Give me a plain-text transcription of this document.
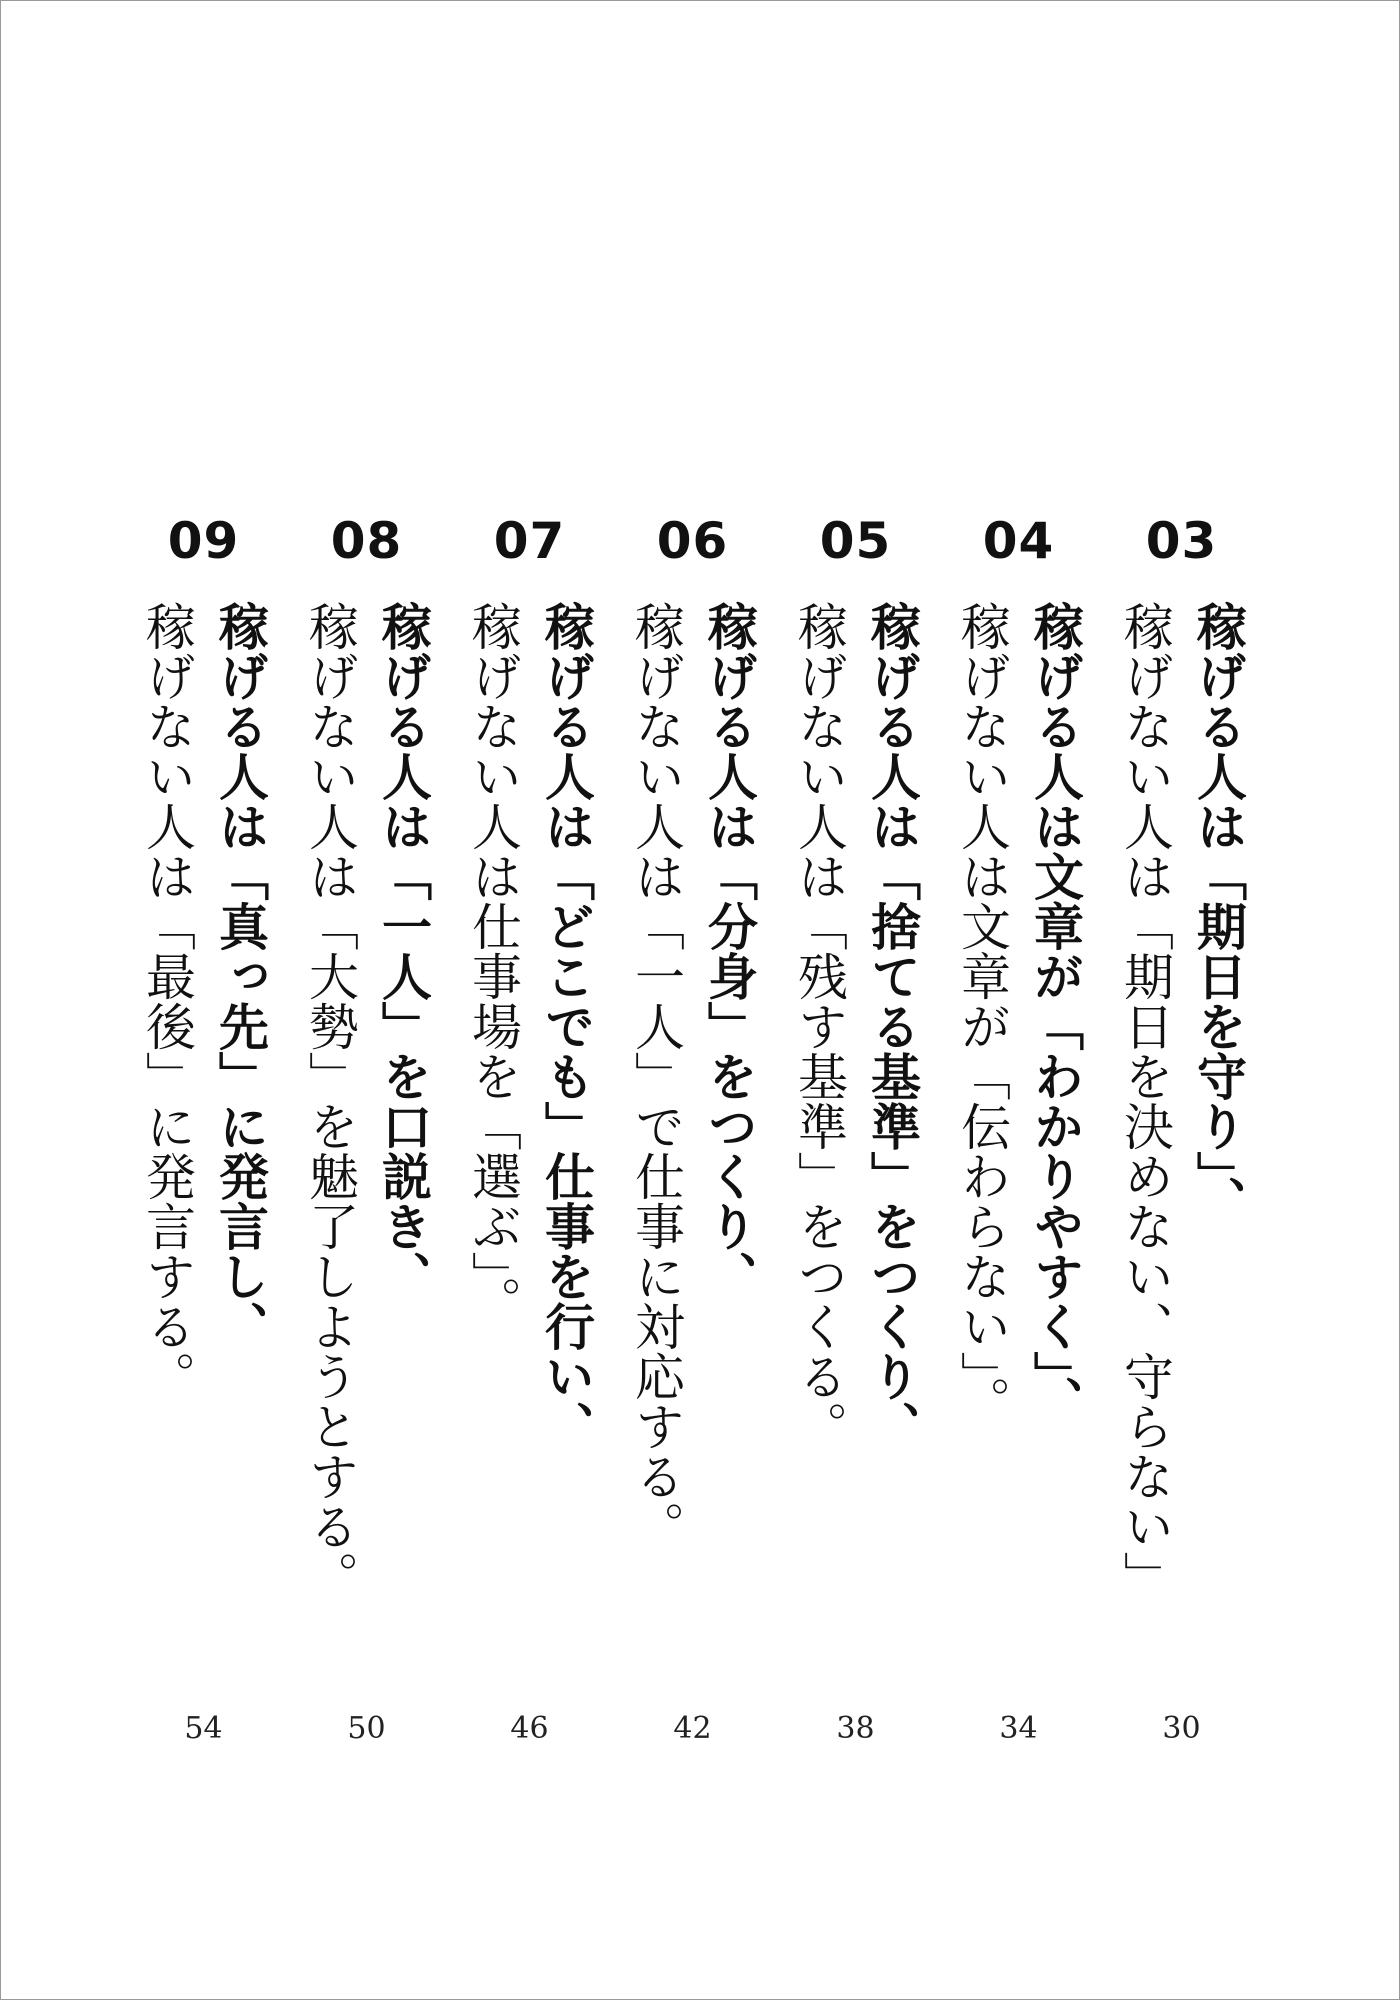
03
稼げる人は「期日を守り」、
稼げない人は「期日を決めない、守らない」
30
04
稼げる人は文章が「わかりやすく」、
稼げない人は文章が「伝わらない」。
34
05
稼げる人は「捨てる基準」をつくり、
稼げない人は「残す基準」をつくる。
38
06
稼げる人は「分身」をつくり、
稼げない人は「一人」で仕事に対応する。
42
07
稼げる人は「どこでも」仕事を行い、
稼げない人は仕事場を「選ぶ」。
46
08
稼げる人は「一人」を口説き、
稼げない人は「大勢」を魅了しようとする。
50
09
稼げる人は「真っ先」に発言し、
稼げない人は「最後」に発言する。
54
